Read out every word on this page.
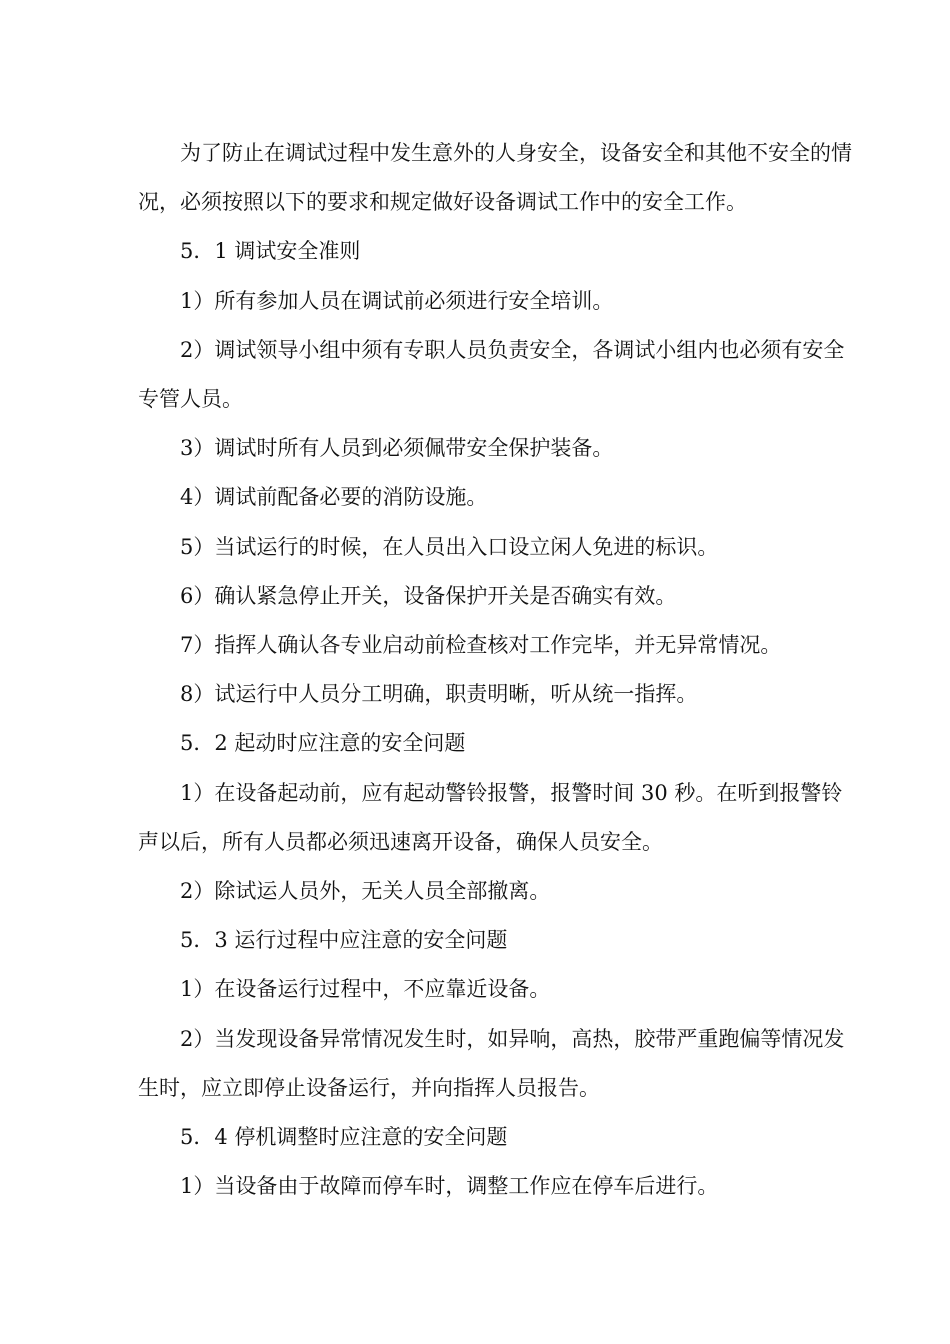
为了防止在调试过程中发生意外的人身安全，设备安全和其他不安全的情况，必须按照以下的要求和规定做好设备调试工作中的安全工作。

5．1 调试安全准则

1）所有参加人员在调试前必须进行安全培训。

2）调试领导小组中须有专职人员负责安全，各调试小组内也必须有安全专管人员。

3）调试时所有人员到必须佩带安全保护装备。

4）调试前配备必要的消防设施。

5）当试运行的时候，在人员出入口设立闲人免进的标识。

6）确认紧急停止开关，设备保护开关是否确实有效。

7）指挥人确认各专业启动前检查核对工作完毕，并无异常情况。

8）试运行中人员分工明确，职责明晰，听从统一指挥。

5．2 起动时应注意的安全问题

1）在设备起动前，应有起动警铃报警，报警时间 30 秒。在听到报警铃声以后，所有人员都必须迅速离开设备，确保人员安全。

2）除试运人员外，无关人员全部撤离。

5．3 运行过程中应注意的安全问题

1）在设备运行过程中，不应靠近设备。

2）当发现设备异常情况发生时，如异响，高热，胶带严重跑偏等情况发生时，应立即停止设备运行，并向指挥人员报告。

5．4 停机调整时应注意的安全问题

1）当设备由于故障而停车时，调整工作应在停车后进行。
